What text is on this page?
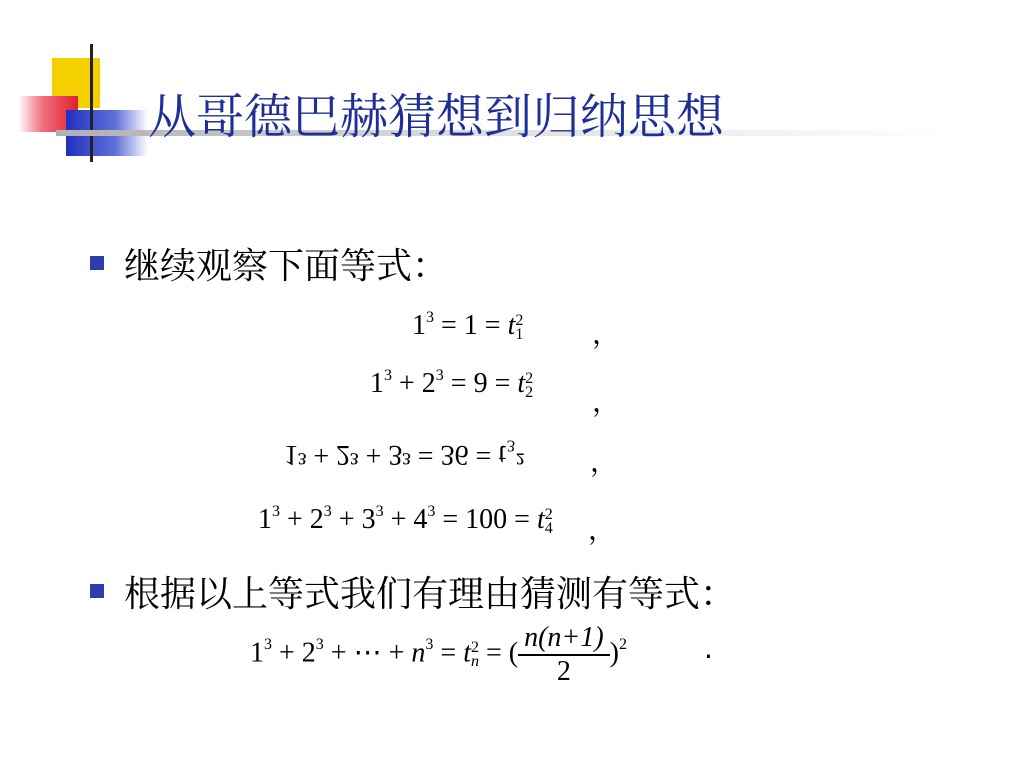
从哥德巴赫猜想到归纳思想
继续观察下面等式：
$1^3 = 1 = t$ 2
1 ，
$1^3 + 2^3 = 9 = t$ 2
2 ，
1³ + 2³ + 3³ = 36 = t₃² ，
$1^3 + 2^3 + 3^3 + 4^3 = 100 = t$ 2
4 ，
根据以上等式我们有理由猜测有等式：
$1^3 + 2^3$ + ⋯ + $n^3 = t$ 2
n = ( $\frac{n(n+1)}{2} )^2$	·
